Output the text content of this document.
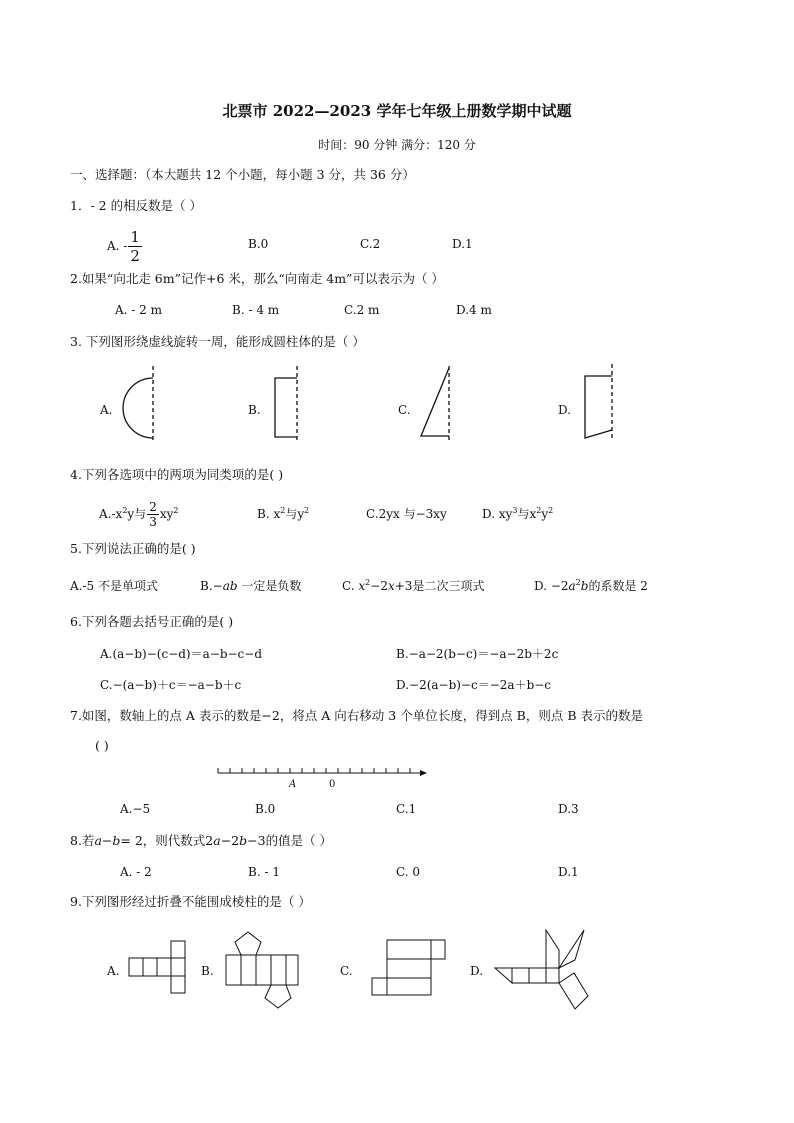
北票市 2022—2023 学年七年级上册数学期中试题
时间：90 分钟 满分：120 分
一、选择题：（本大题共 12 个小题，每小题 3 分，共 36 分）
1．- 2 的相反数是（ ）
A. - $\frac{1}{2}$	B.0	C.2	D.1
2.如果“向北走 6m”记作+6 米，那么“向南走 4m”可以表示为（ ）
A. - 2 m	B. - 4 m	C.2 m	D.4 m
3. 下列图形绕虚线旋转一周，能形成圆柱体的是（ ）
A.	B.	C.	D.
4.下列各选项中的两项为同类项的是( )
$A.-x^2y$与 $\frac{2}{3} xy^2$	B. $x^2$与$y^2$	C.2yx 与−3xy	D. $xy^3$与$x^2y^2$
5.下列说法正确的是( )
A.-5 不是单项式	B.−ab 一定是负数	C. $x^2-2x+3$是二次三项式	D. $-2a^2b$的系数是 2
6.下列各题去括号正确的是( )
A.(a−b)−(c−d)＝a−b−c−d	B.−a−2(b−c)＝−a−2b＋2c
C.−(a−b)＋c＝−a−b＋c	D.−2(a−b)−c＝−2a＋b−c
7.如图，数轴上的点 A 表示的数是−2，将点 A 向右移动 3 个单位长度，得到点 B，则点 B 表示的数是
( )
A	0
A.−5	B.0	C.1	D.3
8.若a−b= 2，则代数式2a−2b−3的值是（ ）
A. - 2	B. - 1	C. 0	D.1
9.下列图形经过折叠不能围成棱柱的是（ ）
A.	B.	C.	D.
